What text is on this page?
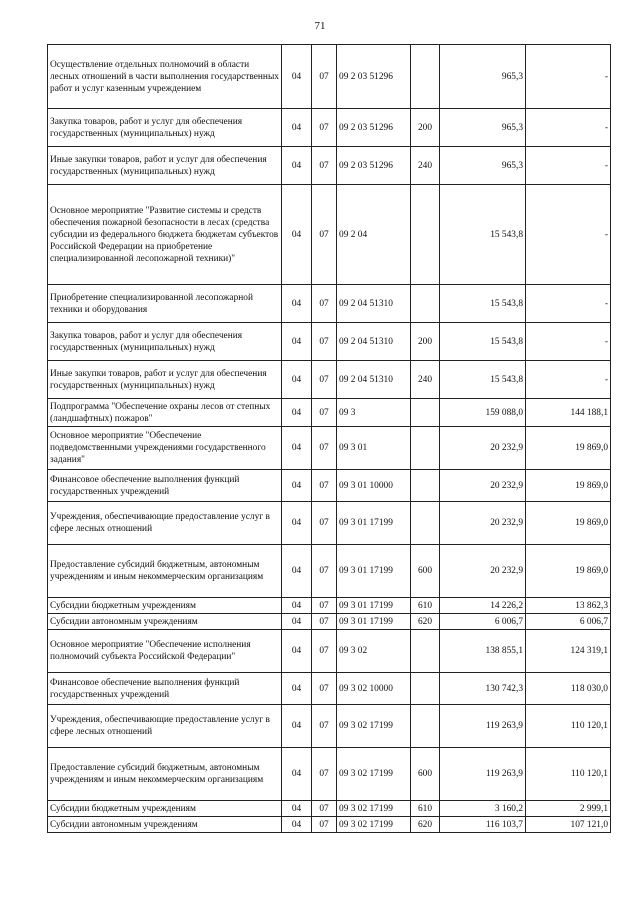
71
Осуществление отдельных полномочий в области лесных отношений в части выполнения государственных работ и услуг казенным учреждением	04	07	09 2 03 51296		965,3	-
Закупка товаров, работ и услуг для обеспечения государственных (муниципальных) нужд	04	07	09 2 03 51296	200	965,3	-
Иные закупки товаров, работ и услуг для обеспечения государственных (муниципальных) нужд	04	07	09 2 03 51296	240	965,3	-
Основное мероприятие "Развитие системы и средств обеспечения пожарной безопасности в лесах (средства субсидии из федерального бюджета бюджетам субъектов Российской Федерации на приобретение специализированной лесопожарной техники)"	04	07	09 2 04		15 543,8	-
Приобретение специализированной лесопожарной техники и оборудования	04	07	09 2 04 51310		15 543,8	-
Закупка товаров, работ и услуг для обеспечения государственных (муниципальных) нужд	04	07	09 2 04 51310	200	15 543,8	-
Иные закупки товаров, работ и услуг для обеспечения государственных (муниципальных) нужд	04	07	09 2 04 51310	240	15 543,8	-
Подпрограмма "Обеспечение охраны лесов от степных (ландшафтных) пожаров"	04	07	09 3		159 088,0	144 188,1
Основное мероприятие "Обеспечение подведомственными учреждениями государственного задания"	04	07	09 3 01		20 232,9	19 869,0
Финансовое обеспечение выполнения функций государственных учреждений	04	07	09 3 01 10000		20 232,9	19 869,0
Учреждения, обеспечивающие предоставление услуг в сфере лесных отношений	04	07	09 3 01 17199		20 232,9	19 869,0
Предоставление субсидий бюджетным, автономным учреждениям и иным некоммерческим организациям	04	07	09 3 01 17199	600	20 232,9	19 869,0
Субсидии бюджетным учреждениям	04	07	09 3 01 17199	610	14 226,2	13 862,3
Субсидии автономным учреждениям	04	07	09 3 01 17199	620	6 006,7	6 006,7
Основное мероприятие "Обеспечение исполнения полномочий субъекта Российской Федерации"	04	07	09 3 02		138 855,1	124 319,1
Финансовое обеспечение выполнения функций государственных учреждений	04	07	09 3 02 10000		130 742,3	118 030,0
Учреждения, обеспечивающие предоставление услуг в сфере лесных отношений	04	07	09 3 02 17199		119 263,9	110 120,1
Предоставление субсидий бюджетным, автономным учреждениям и иным некоммерческим организациям	04	07	09 3 02 17199	600	119 263,9	110 120,1
Субсидии бюджетным учреждениям	04	07	09 3 02 17199	610	3 160,2	2 999,1
Субсидии автономным учреждениям	04	07	09 3 02 17199	620	116 103,7	107 121,0
